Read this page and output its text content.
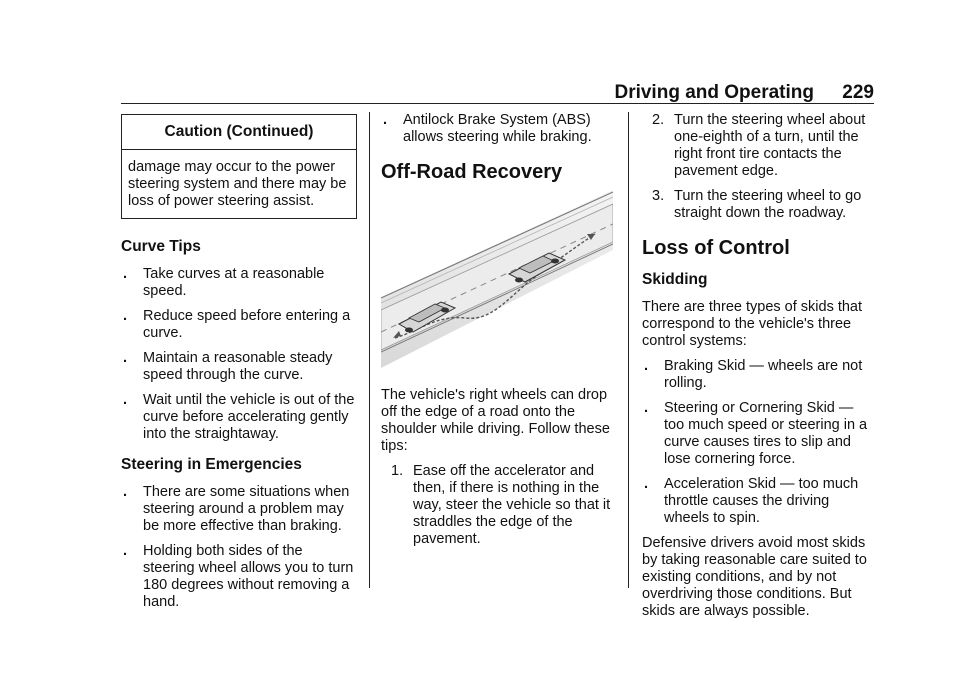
Driving and Operating 229
Caution (Continued)
damage may occur to the power steering system and there may be loss of power steering assist.
Curve Tips
. Take curves at a reasonable speed.
. Reduce speed before entering a curve.
. Maintain a reasonable steady speed through the curve.
. Wait until the vehicle is out of the curve before accelerating gently into the straightaway.
Steering in Emergencies
. There are some situations when steering around a problem may be more effective than braking.
. Holding both sides of the steering wheel allows you to turn 180 degrees without removing a hand.
. Antilock Brake System (ABS) allows steering while braking.
Off-Road Recovery

The vehicle's right wheels can drop off the edge of a road onto the shoulder while driving. Follow these tips:

1. Ease off the accelerator and then, if there is nothing in the way, steer the vehicle so that it straddles the edge of the pavement.
2. Turn the steering wheel about one-eighth of a turn, until the right front tire contacts the pavement edge.
3. Turn the steering wheel to go straight down the roadway.
Loss of Control
Skidding

There are three types of skids that correspond to the vehicle's three control systems:

. Braking Skid — wheels are not rolling.
. Steering or Cornering Skid — too much speed or steering in a curve causes tires to slip and lose cornering force.
. Acceleration Skid — too much throttle causes the driving wheels to spin.

Defensive drivers avoid most skids by taking reasonable care suited to existing conditions, and by not overdriving those conditions. But skids are always possible.
